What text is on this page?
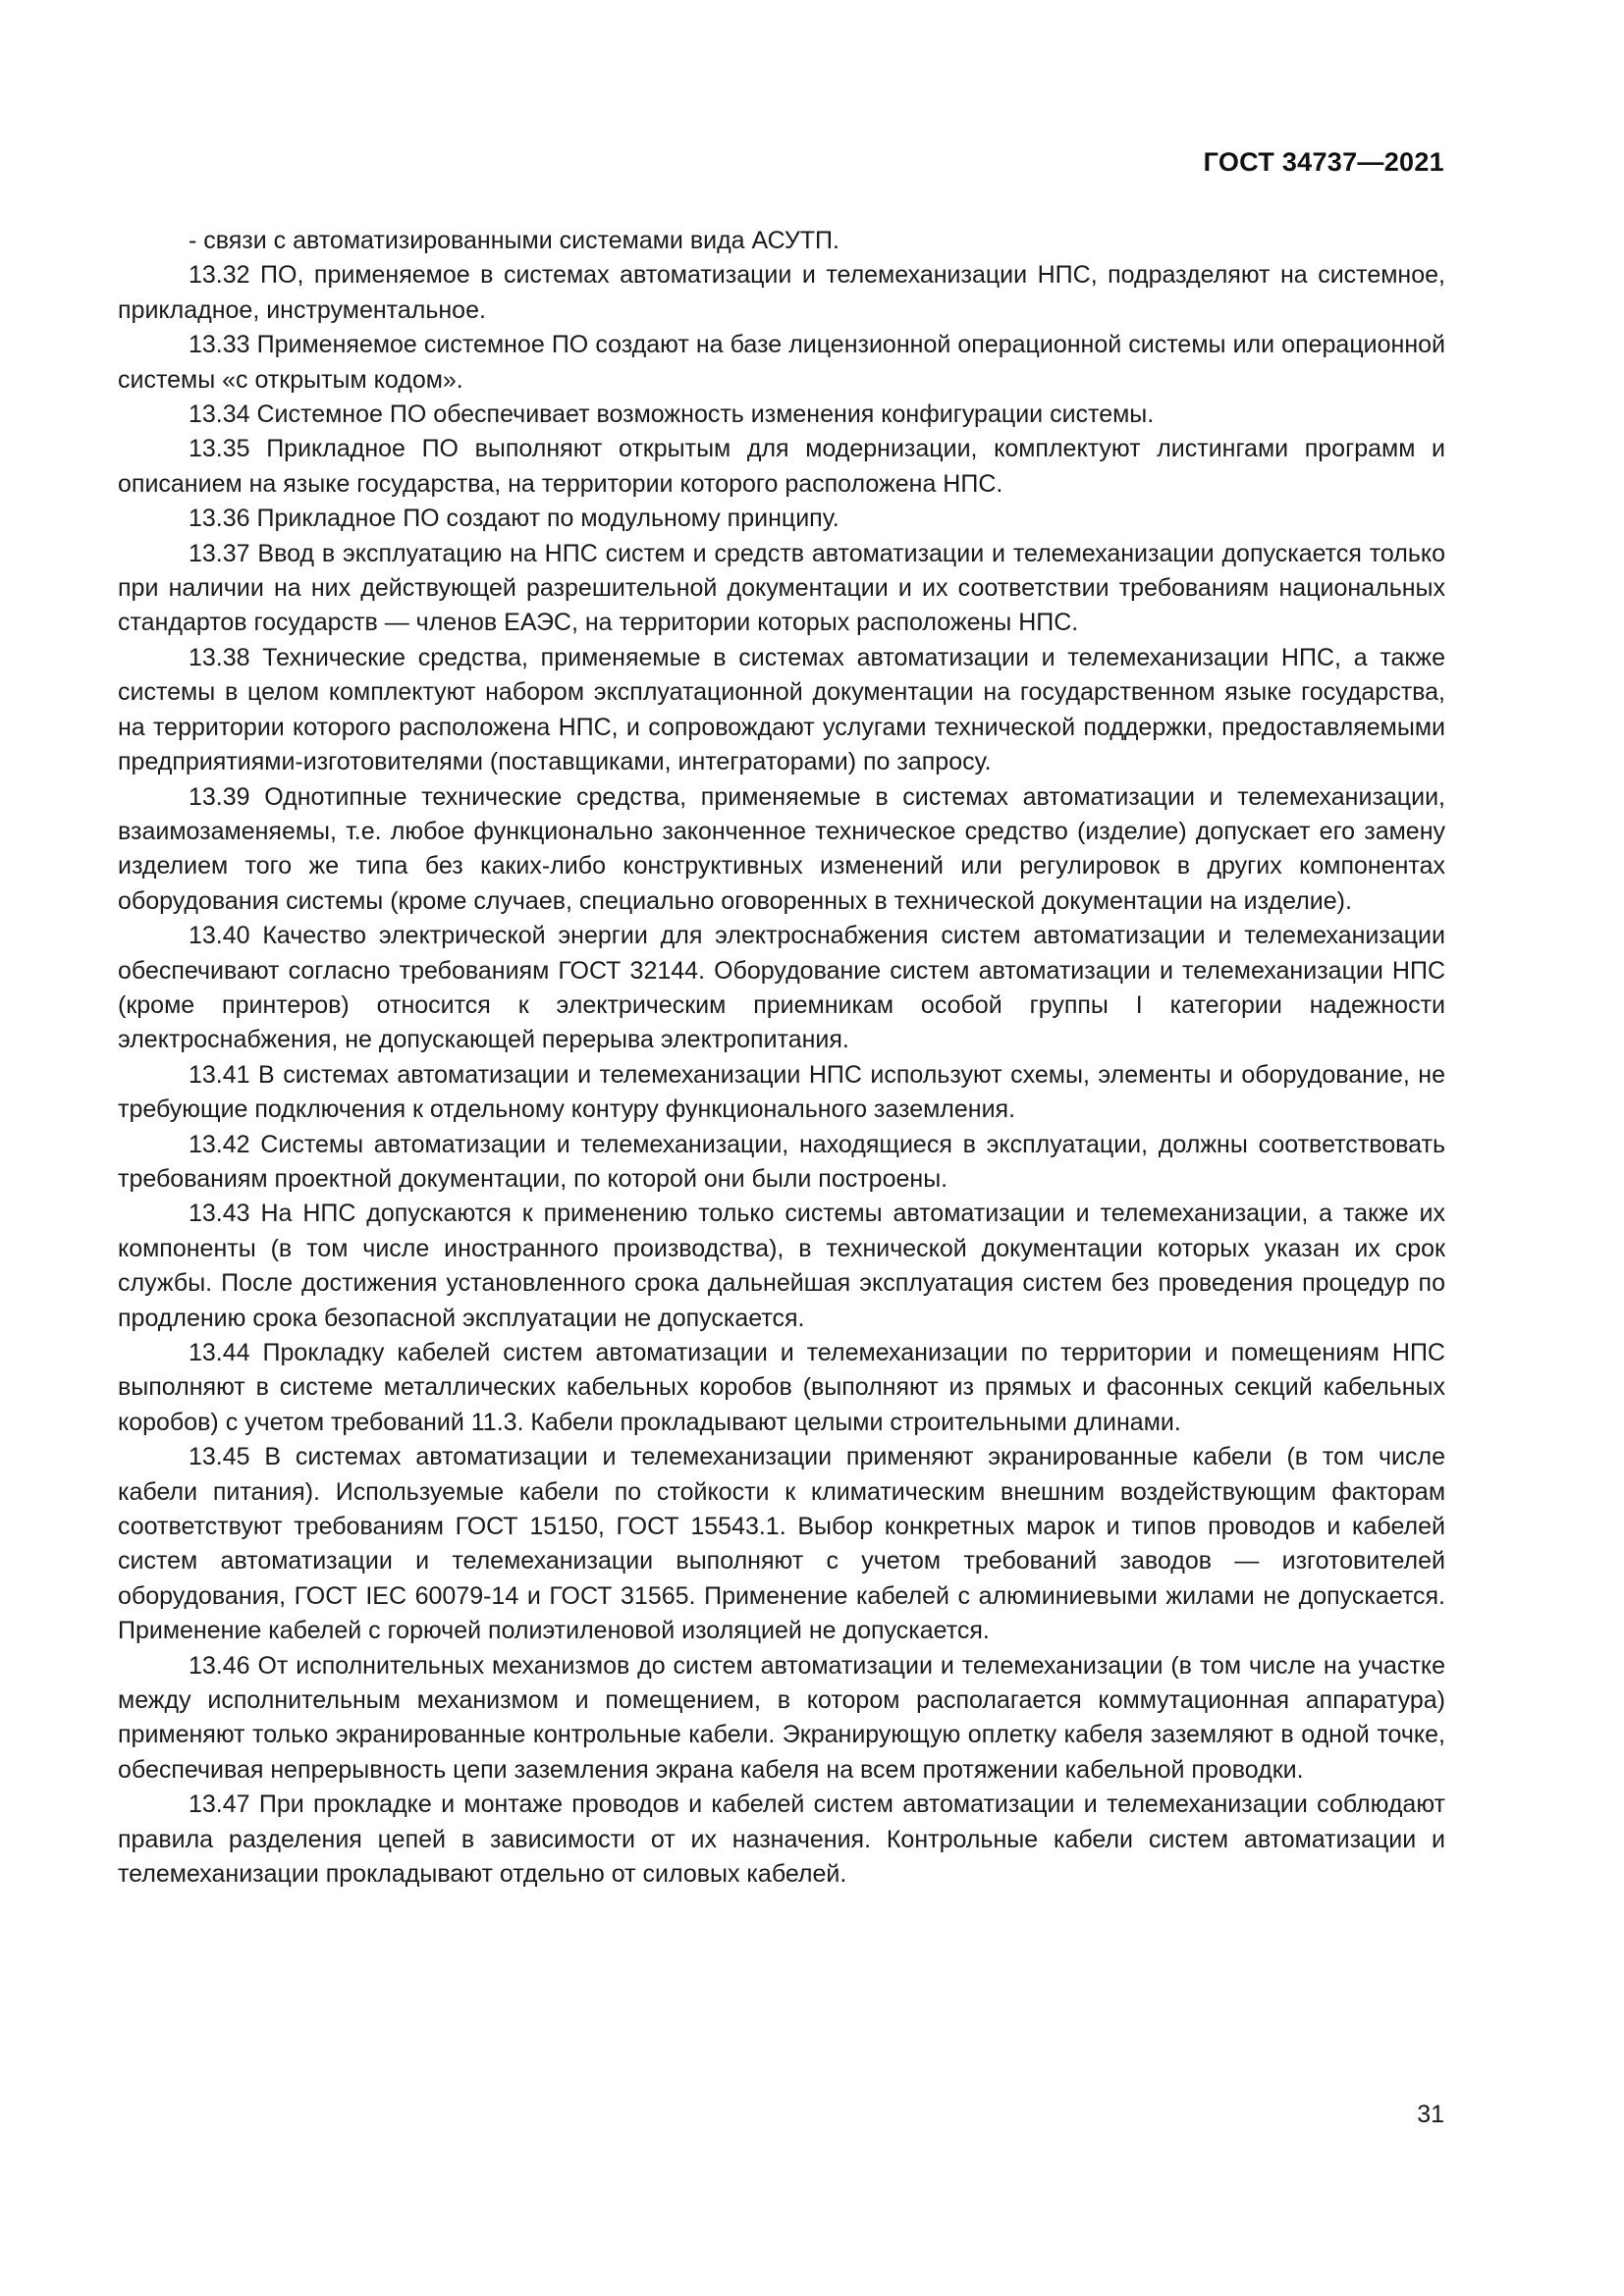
ГОСТ 34737—2021

- связи с автоматизированными системами вида АСУТП.

13.32 ПО, применяемое в системах автоматизации и телемеханизации НПС, подразделяют на системное, прикладное, инструментальное.

13.33 Применяемое системное ПО создают на базе лицензионной операционной системы или операционной системы «с открытым кодом».

13.34 Системное ПО обеспечивает возможность изменения конфигурации системы.

13.35 Прикладное ПО выполняют открытым для модернизации, комплектуют листингами программ и описанием на языке государства, на территории которого расположена НПС.

13.36 Прикладное ПО создают по модульному принципу.

13.37 Ввод в эксплуатацию на НПС систем и средств автоматизации и телемеханизации допускается только при наличии на них действующей разрешительной документации и их соответствии требованиям национальных стандартов государств — членов ЕАЭС, на территории которых расположены НПС.

13.38 Технические средства, применяемые в системах автоматизации и телемеханизации НПС, а также системы в целом комплектуют набором эксплуатационной документации на государственном языке государства, на территории которого расположена НПС, и сопровождают услугами технической поддержки, предоставляемыми предприятиями-изготовителями (поставщиками, интеграторами) по запросу.

13.39 Однотипные технические средства, применяемые в системах автоматизации и телемеханизации, взаимозаменяемы, т.е. любое функционально законченное техническое средство (изделие) допускает его замену изделием того же типа без каких-либо конструктивных изменений или регулировок в других компонентах оборудования системы (кроме случаев, специально оговоренных в технической документации на изделие).

13.40 Качество электрической энергии для электроснабжения систем автоматизации и телемеханизации обеспечивают согласно требованиям ГОСТ 32144. Оборудование систем автоматизации и телемеханизации НПС (кроме принтеров) относится к электрическим приемникам особой группы I категории надежности электроснабжения, не допускающей перерыва электропитания.

13.41 В системах автоматизации и телемеханизации НПС используют схемы, элементы и оборудование, не требующие подключения к отдельному контуру функционального заземления.

13.42 Системы автоматизации и телемеханизации, находящиеся в эксплуатации, должны соответствовать требованиям проектной документации, по которой они были построены.

13.43 На НПС допускаются к применению только системы автоматизации и телемеханизации, а также их компоненты (в том числе иностранного производства), в технической документации которых указан их срок службы. После достижения установленного срока дальнейшая эксплуатация систем без проведения процедур по продлению срока безопасной эксплуатации не допускается.

13.44 Прокладку кабелей систем автоматизации и телемеханизации по территории и помещениям НПС выполняют в системе металлических кабельных коробов (выполняют из прямых и фасонных секций кабельных коробов) с учетом требований 11.3. Кабели прокладывают целыми строительными длинами.

13.45 В системах автоматизации и телемеханизации применяют экранированные кабели (в том числе кабели питания). Используемые кабели по стойкости к климатическим внешним воздействующим факторам соответствуют требованиям ГОСТ 15150, ГОСТ 15543.1. Выбор конкретных марок и типов проводов и кабелей систем автоматизации и телемеханизации выполняют с учетом требований заводов — изготовителей оборудования, ГОСТ IEC 60079-14 и ГОСТ 31565. Применение кабелей с алюминиевыми жилами не допускается. Применение кабелей с горючей полиэтиленовой изоляцией не допускается.

13.46 От исполнительных механизмов до систем автоматизации и телемеханизации (в том числе на участке между исполнительным механизмом и помещением, в котором располагается коммутационная аппаратура) применяют только экранированные контрольные кабели. Экранирующую оплетку кабеля заземляют в одной точке, обеспечивая непрерывность цепи заземления экрана кабеля на всем протяжении кабельной проводки.

13.47 При прокладке и монтаже проводов и кабелей систем автоматизации и телемеханизации соблюдают правила разделения цепей в зависимости от их назначения. Контрольные кабели систем автоматизации и телемеханизации прокладывают отдельно от силовых кабелей.

31
